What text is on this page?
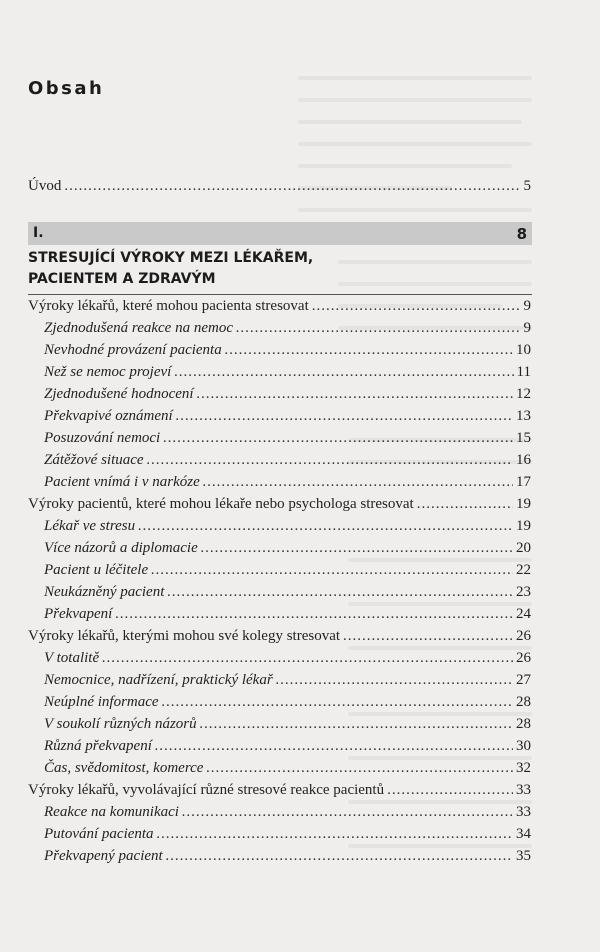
Obsah
Úvod .....	5
I.	8
STRESUJÍCÍ VÝROKY MEZI LÉKAŘEM,
PACIENTEM A ZDRAVÝM
Výroky lékařů, které mohou pacienta stresovat .....	9
Zjednodušená reakce na nemoc .....	9
Nevhodné provázení pacienta .....	10
Než se nemoc projeví .....	11
Zjednodušené hodnocení .....	12
Překvapivé oznámení .....	13
Posuzování nemoci .....	15
Zátěžové situace .....	16
Pacient vnímá i v narkóze .....	17
Výroky pacientů, které mohou lékaře nebo psychologa stresovat .....	19
Lékař ve stresu .....	19
Více názorů a diplomacie .....	20
Pacient u léčitele .....	22
Neukázněný pacient .....	23
Překvapení .....	24
Výroky lékařů, kterými mohou své kolegy stresovat .....	26
V totalitě .....	26
Nemocnice, nadřízení, praktický lékař .....	27
Neúplné informace .....	28
V soukolí různých názorů .....	28
Různá překvapení .....	30
Čas, svědomitost, komerce .....	32
Výroky lékařů, vyvolávající různé stresové reakce pacientů .....	33
Reakce na komunikaci .....	33
Putování pacienta .....	34
Překvapený pacient .....	35
